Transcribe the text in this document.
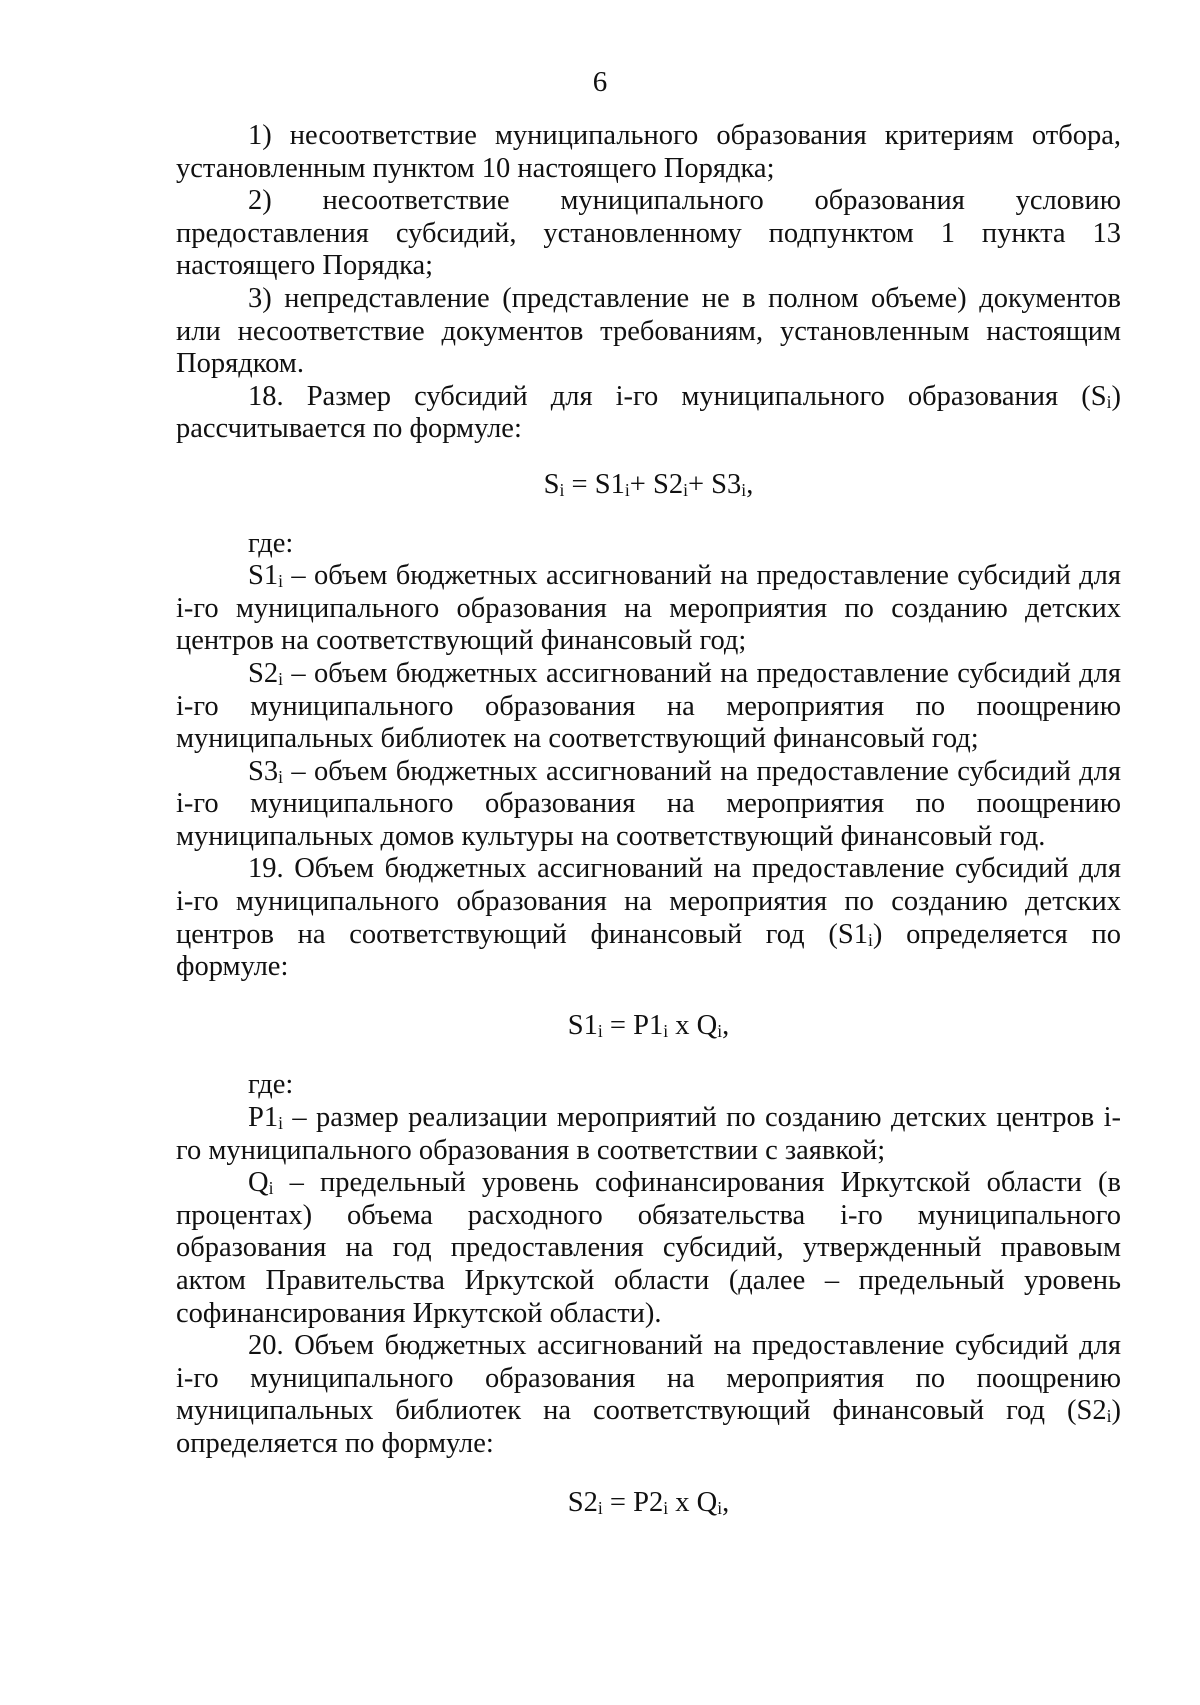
6

1) несоответствие муниципального образования критериям отбора, установленным пунктом 10 настоящего Порядка;

2) несоответствие муниципального образования условию предоставления субсидий, установленному подпунктом 1 пункта 13 настоящего Порядка;

3) непредставление (представление не в полном объеме) документов или несоответствие документов требованиям, установленным настоящим Порядком.

18. Размер субсидий для i-го муниципального образования $(S_i)$ рассчитывается по формуле:

$S_i = S1_i+ S2_i+ S3_i$,

где:

$S1_i$ – объем бюджетных ассигнований на предоставление субсидий для i-го муниципального образования на мероприятия по созданию детских центров на соответствующий финансовый год;

$S2_i$ – объем бюджетных ассигнований на предоставление субсидий для i-го муниципального образования на мероприятия по поощрению муниципальных библиотек на соответствующий финансовый год;

$S3_i$ – объем бюджетных ассигнований на предоставление субсидий для i-го муниципального образования на мероприятия по поощрению муниципальных домов культуры на соответствующий финансовый год.

19. Объем бюджетных ассигнований на предоставление субсидий для i-го муниципального образования на мероприятия по созданию детских центров на соответствующий финансовый год $(S1_i)$ определяется по формуле:

$S1_i = P1_i$ x $Q_i$,

где:

$P1_i$ – размер реализации мероприятий по созданию детских центров i-го муниципального образования в соответствии с заявкой;

$Q_i$ – предельный уровень софинансирования Иркутской области (в процентах) объема расходного обязательства i-го муниципального образования на год предоставления субсидий, утвержденный правовым актом Правительства Иркутской области (далее – предельный уровень софинансирования Иркутской области).

20. Объем бюджетных ассигнований на предоставление субсидий для i-го муниципального образования на мероприятия по поощрению муниципальных библиотек на соответствующий финансовый год $(S2_i)$ определяется по формуле:

$S2_i = P2_i$ x $Q_i$,
